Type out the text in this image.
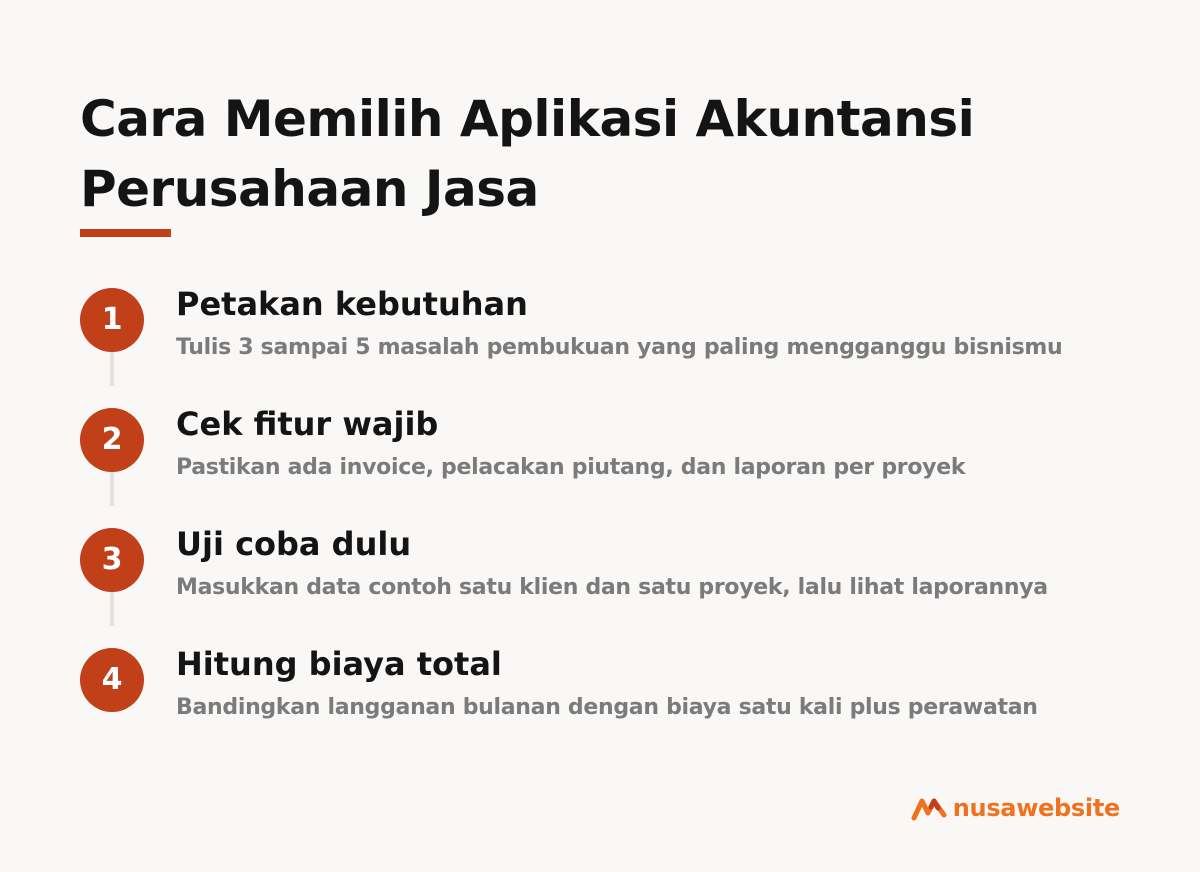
Cara Memilih Aplikasi Akuntansi
Perusahaan Jasa
1	Petakan kebutuhan
Tulis 3 sampai 5 masalah pembukuan yang paling mengganggu bisnismu
2	Cek fitur wajib
Pastikan ada invoice, pelacakan piutang, dan laporan per proyek
3	Uji coba dulu
Masukkan data contoh satu klien dan satu proyek, lalu lihat laporannya
4	Hitung biaya total
Bandingkan langganan bulanan dengan biaya satu kali plus perawatan
nusawebsite
